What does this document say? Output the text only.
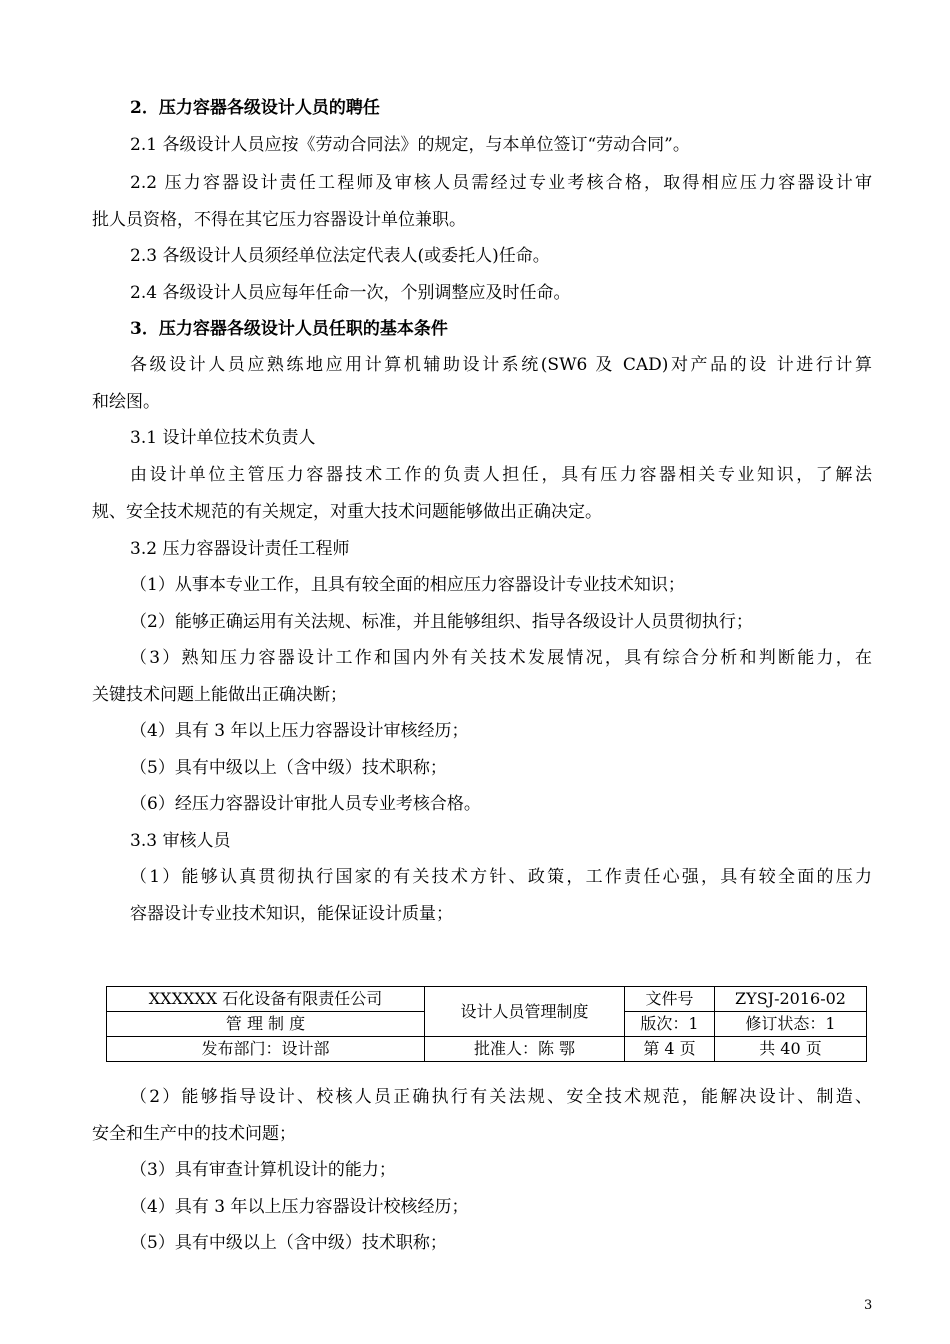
2．压力容器各级设计人员的聘任
2.1 各级设计人员应按《劳动合同法》的规定，与本单位签订“劳动合同”。
2.2 压力容器设计责任工程师及审核人员需经过专业考核合格，取得相应压力容器设计审
批人员资格，不得在其它压力容器设计单位兼职。
2.3 各级设计人员须经单位法定代表人(或委托人)任命。
2.4 各级设计人员应每年任命一次，个别调整应及时任命。
3．压力容器各级设计人员任职的基本条件
各级设计人员应熟练地应用计算机辅助设计系统(SW6 及 CAD)对产品的设 计进行计算
和绘图。
3.1 设计单位技术负责人
由设计单位主管压力容器技术工作的负责人担任，具有压力容器相关专业知识，了解法
规、安全技术规范的有关规定，对重大技术问题能够做出正确决定。
3.2 压力容器设计责任工程师
（1）从事本专业工作，且具有较全面的相应压力容器设计专业技术知识；
（2）能够正确运用有关法规、标准，并且能够组织、指导各级设计人员贯彻执行；
（3）熟知压力容器设计工作和国内外有关技术发展情况，具有综合分析和判断能力，在
关键技术问题上能做出正确决断；
（4）具有 3 年以上压力容器设计审核经历；
（5）具有中级以上（含中级）技术职称；
（6）经压力容器设计审批人员专业考核合格。
3.3 审核人员
（1）能够认真贯彻执行国家的有关技术方针、政策，工作责任心强，具有较全面的压力
容器设计专业技术知识，能保证设计质量；
XXXXXX 石化设备有限责任公司	设计人员管理制度	文件号	ZYSJ-2016-02
管 理 制 度		版次：1	修订状态：1
发布部门：设计部	批准人：陈 鄂	第 4 页	共 40 页
（2）能够指导设计、校核人员正确执行有关法规、安全技术规范，能解决设计、制造、
安全和生产中的技术问题；
（3）具有审查计算机设计的能力；
（4）具有 3 年以上压力容器设计校核经历；
（5）具有中级以上（含中级）技术职称；
3
